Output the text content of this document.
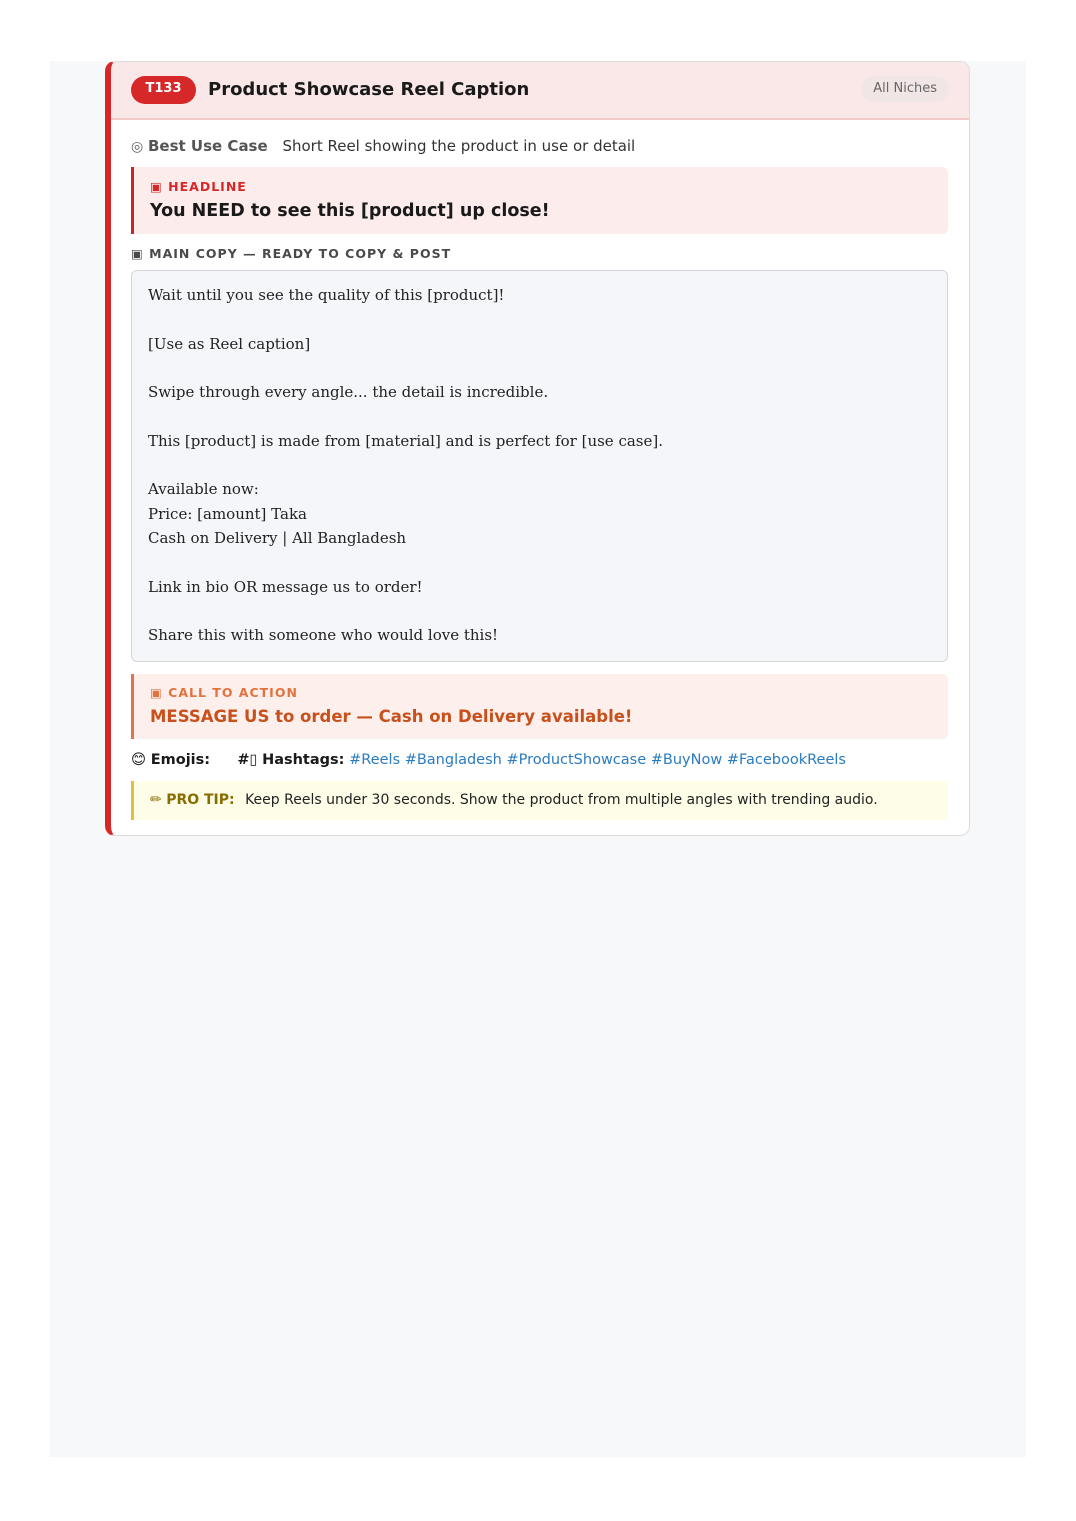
T133	Product Showcase Reel Caption	All Niches
◎ Best Use Case Short Reel showing the product in use or detail
▣ HEADLINE
You NEED to see this [product] up close!
▣ MAIN COPY — READY TO COPY & POST
Wait until you see the quality of this [product]!
[Use as Reel caption]
Swipe through every angle... the detail is incredible.
This [product] is made from [material] and is perfect for [use case].
Available now:
Price: [amount] Taka
Cash on Delivery | All Bangladesh
Link in bio OR message us to order!
Share this with someone who would love this!
▣ CALL TO ACTION
MESSAGE US to order — Cash on Delivery available!
😊 Emojis: #▯ Hashtags: #Reels #Bangladesh #ProductShowcase #BuyNow #FacebookReels
✏ PRO TIP: Keep Reels under 30 seconds. Show the product from multiple angles with trending audio.
